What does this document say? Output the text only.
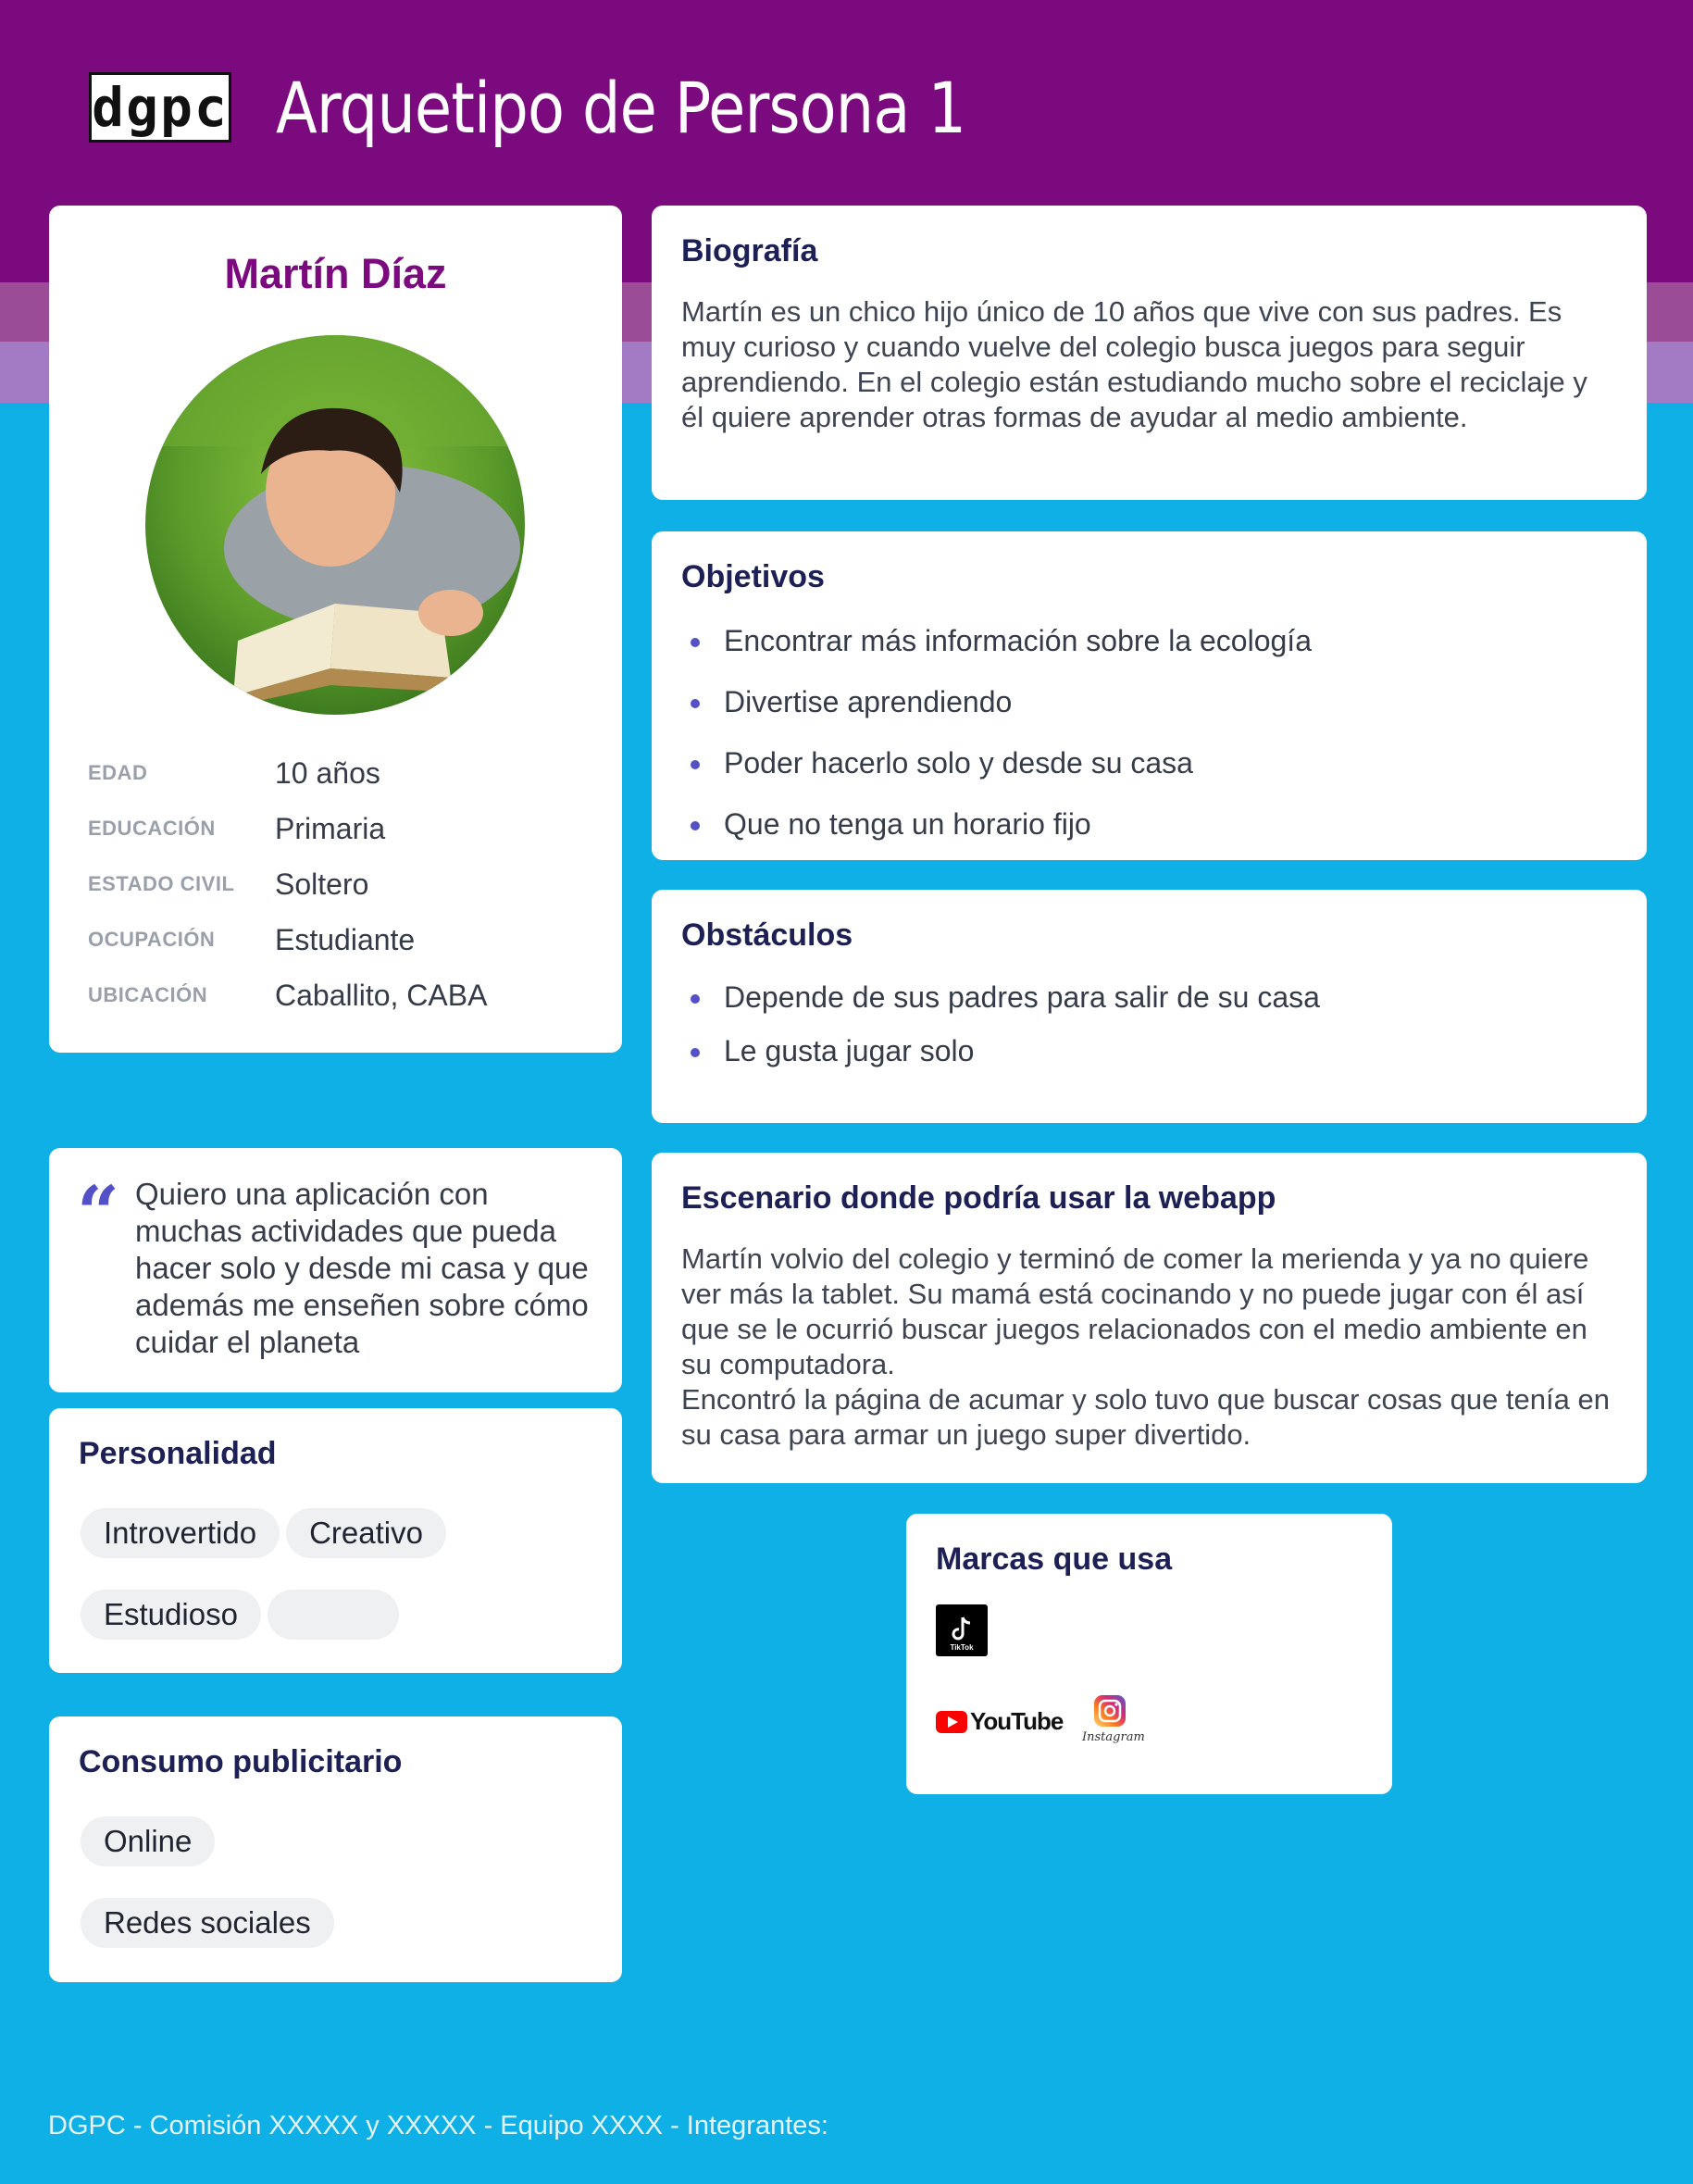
dgpc Arquetipo de Persona 1
Martín Díaz
EDAD	10 años
EDUCACIÓN	Primaria
ESTADO CIVIL	Soltero
OCUPACIÓN	Estudiante
UBICACIÓN	Caballito, CABA
“ Quiero una aplicación con muchas actividades que pueda hacer solo y desde mi casa y que además me enseñen sobre cómo cuidar el planeta
Personalidad
Introvertido Creativo
Estudioso
Consumo publicitario
Online
Redes sociales
Biografía
Martín es un chico hijo único de 10 años que vive con sus padres. Es muy curioso y cuando vuelve del colegio busca juegos para seguir aprendiendo. En el colegio están estudiando mucho sobre el reciclaje y él quiere aprender otras formas de ayudar al medio ambiente.
Objetivos
Encontrar más información sobre la ecología
Divertise aprendiendo
Poder hacerlo solo y desde su casa
Que no tenga un horario fijo
Obstáculos
Depende de sus padres para salir de su casa
Le gusta jugar solo
Escenario donde podría usar la webapp
Martín volvio del colegio y terminó de comer la merienda y ya no quiere ver más la tablet. Su mamá está cocinando y no puede jugar con él así que se le ocurrió buscar juegos relacionados con el medio ambiente en su computadora.
Encontró la página de acumar y solo tuvo que buscar cosas que tenía en su casa para armar un juego super divertido.
Marcas que usa
TikTok
YouTube
Instagram
DGPC - Comisión XXXXX y XXXXX - Equipo XXXX - Integrantes:
